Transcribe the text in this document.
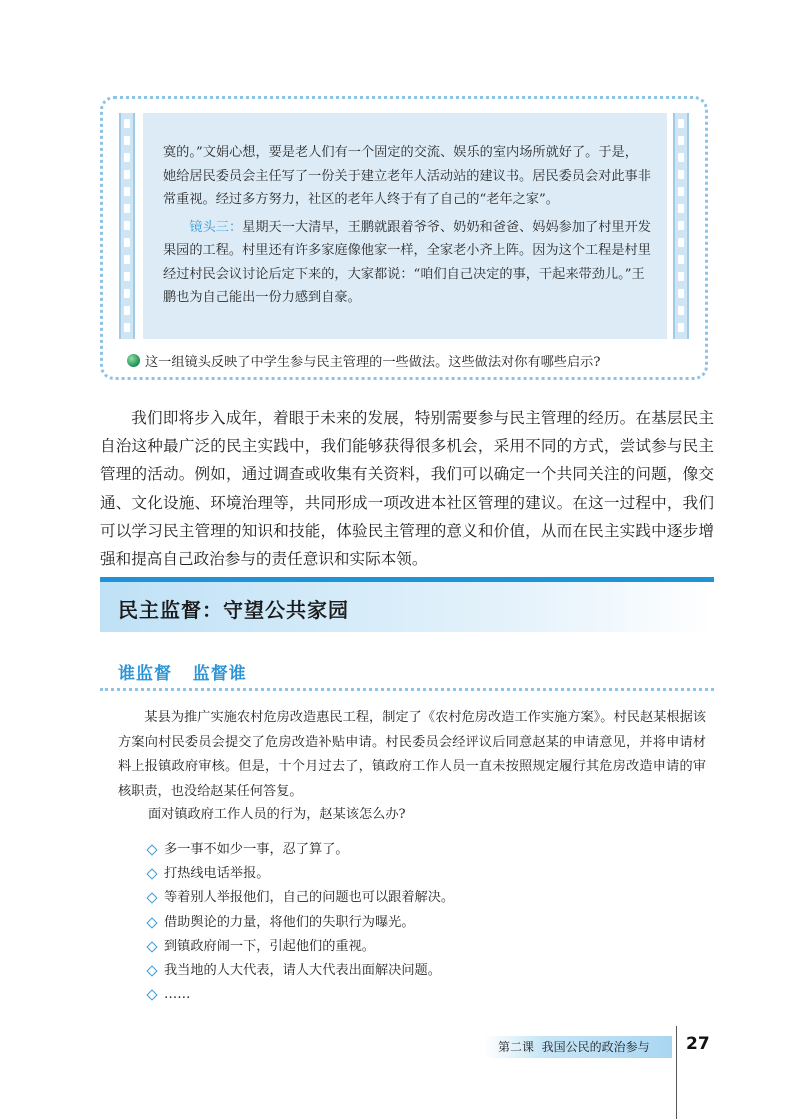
寞的。”文娟心想，要是老人们有一个固定的交流、娱乐的室内场所就好了。于是，她给居民委员会主任写了一份关于建立老年人活动站的建议书。居民委员会对此事非常重视。经过多方努力，社区的老年人终于有了自己的“老年之家”。

镜头三：星期天一大清早，王鹏就跟着爷爷、奶奶和爸爸、妈妈参加了村里开发果园的工程。村里还有许多家庭像他家一样，全家老小齐上阵。因为这个工程是村里经过村民会议讨论后定下来的，大家都说：“咱们自己决定的事，干起来带劲儿。”王鹏也为自己能出一份力感到自豪。

这一组镜头反映了中学生参与民主管理的一些做法。这些做法对你有哪些启示?

我们即将步入成年，着眼于未来的发展，特别需要参与民主管理的经历。在基层民主自治这种最广泛的民主实践中，我们能够获得很多机会，采用不同的方式，尝试参与民主管理的活动。例如，通过调查或收集有关资料，我们可以确定一个共同关注的问题，像交通、文化设施、环境治理等，共同形成一项改进本社区管理的建议。在这一过程中，我们可以学习民主管理的知识和技能，体验民主管理的意义和价值，从而在民主实践中逐步增强和提高自己政治参与的责任意识和实际本领。

民主监督：守望公共家园
谁监督   监督谁

某县为推广实施农村危房改造惠民工程，制定了《农村危房改造工作实施方案》。村民赵某根据该方案向村民委员会提交了危房改造补贴申请。村民委员会经评议后同意赵某的申请意见，并将申请材料上报镇政府审核。但是，十个月过去了，镇政府工作人员一直未按照规定履行其危房改造申请的审核职责，也没给赵某任何答复。

面对镇政府工作人员的行为，赵某该怎么办?
多一事不如少一事，忍了算了。
打热线电话举报。
等着别人举报他们，自己的问题也可以跟着解决。
借助舆论的力量，将他们的失职行为曝光。
到镇政府闹一下，引起他们的重视。
我当地的人大代表，请人大代表出面解决问题。
……
第二课  我国公民的政治参与 27
